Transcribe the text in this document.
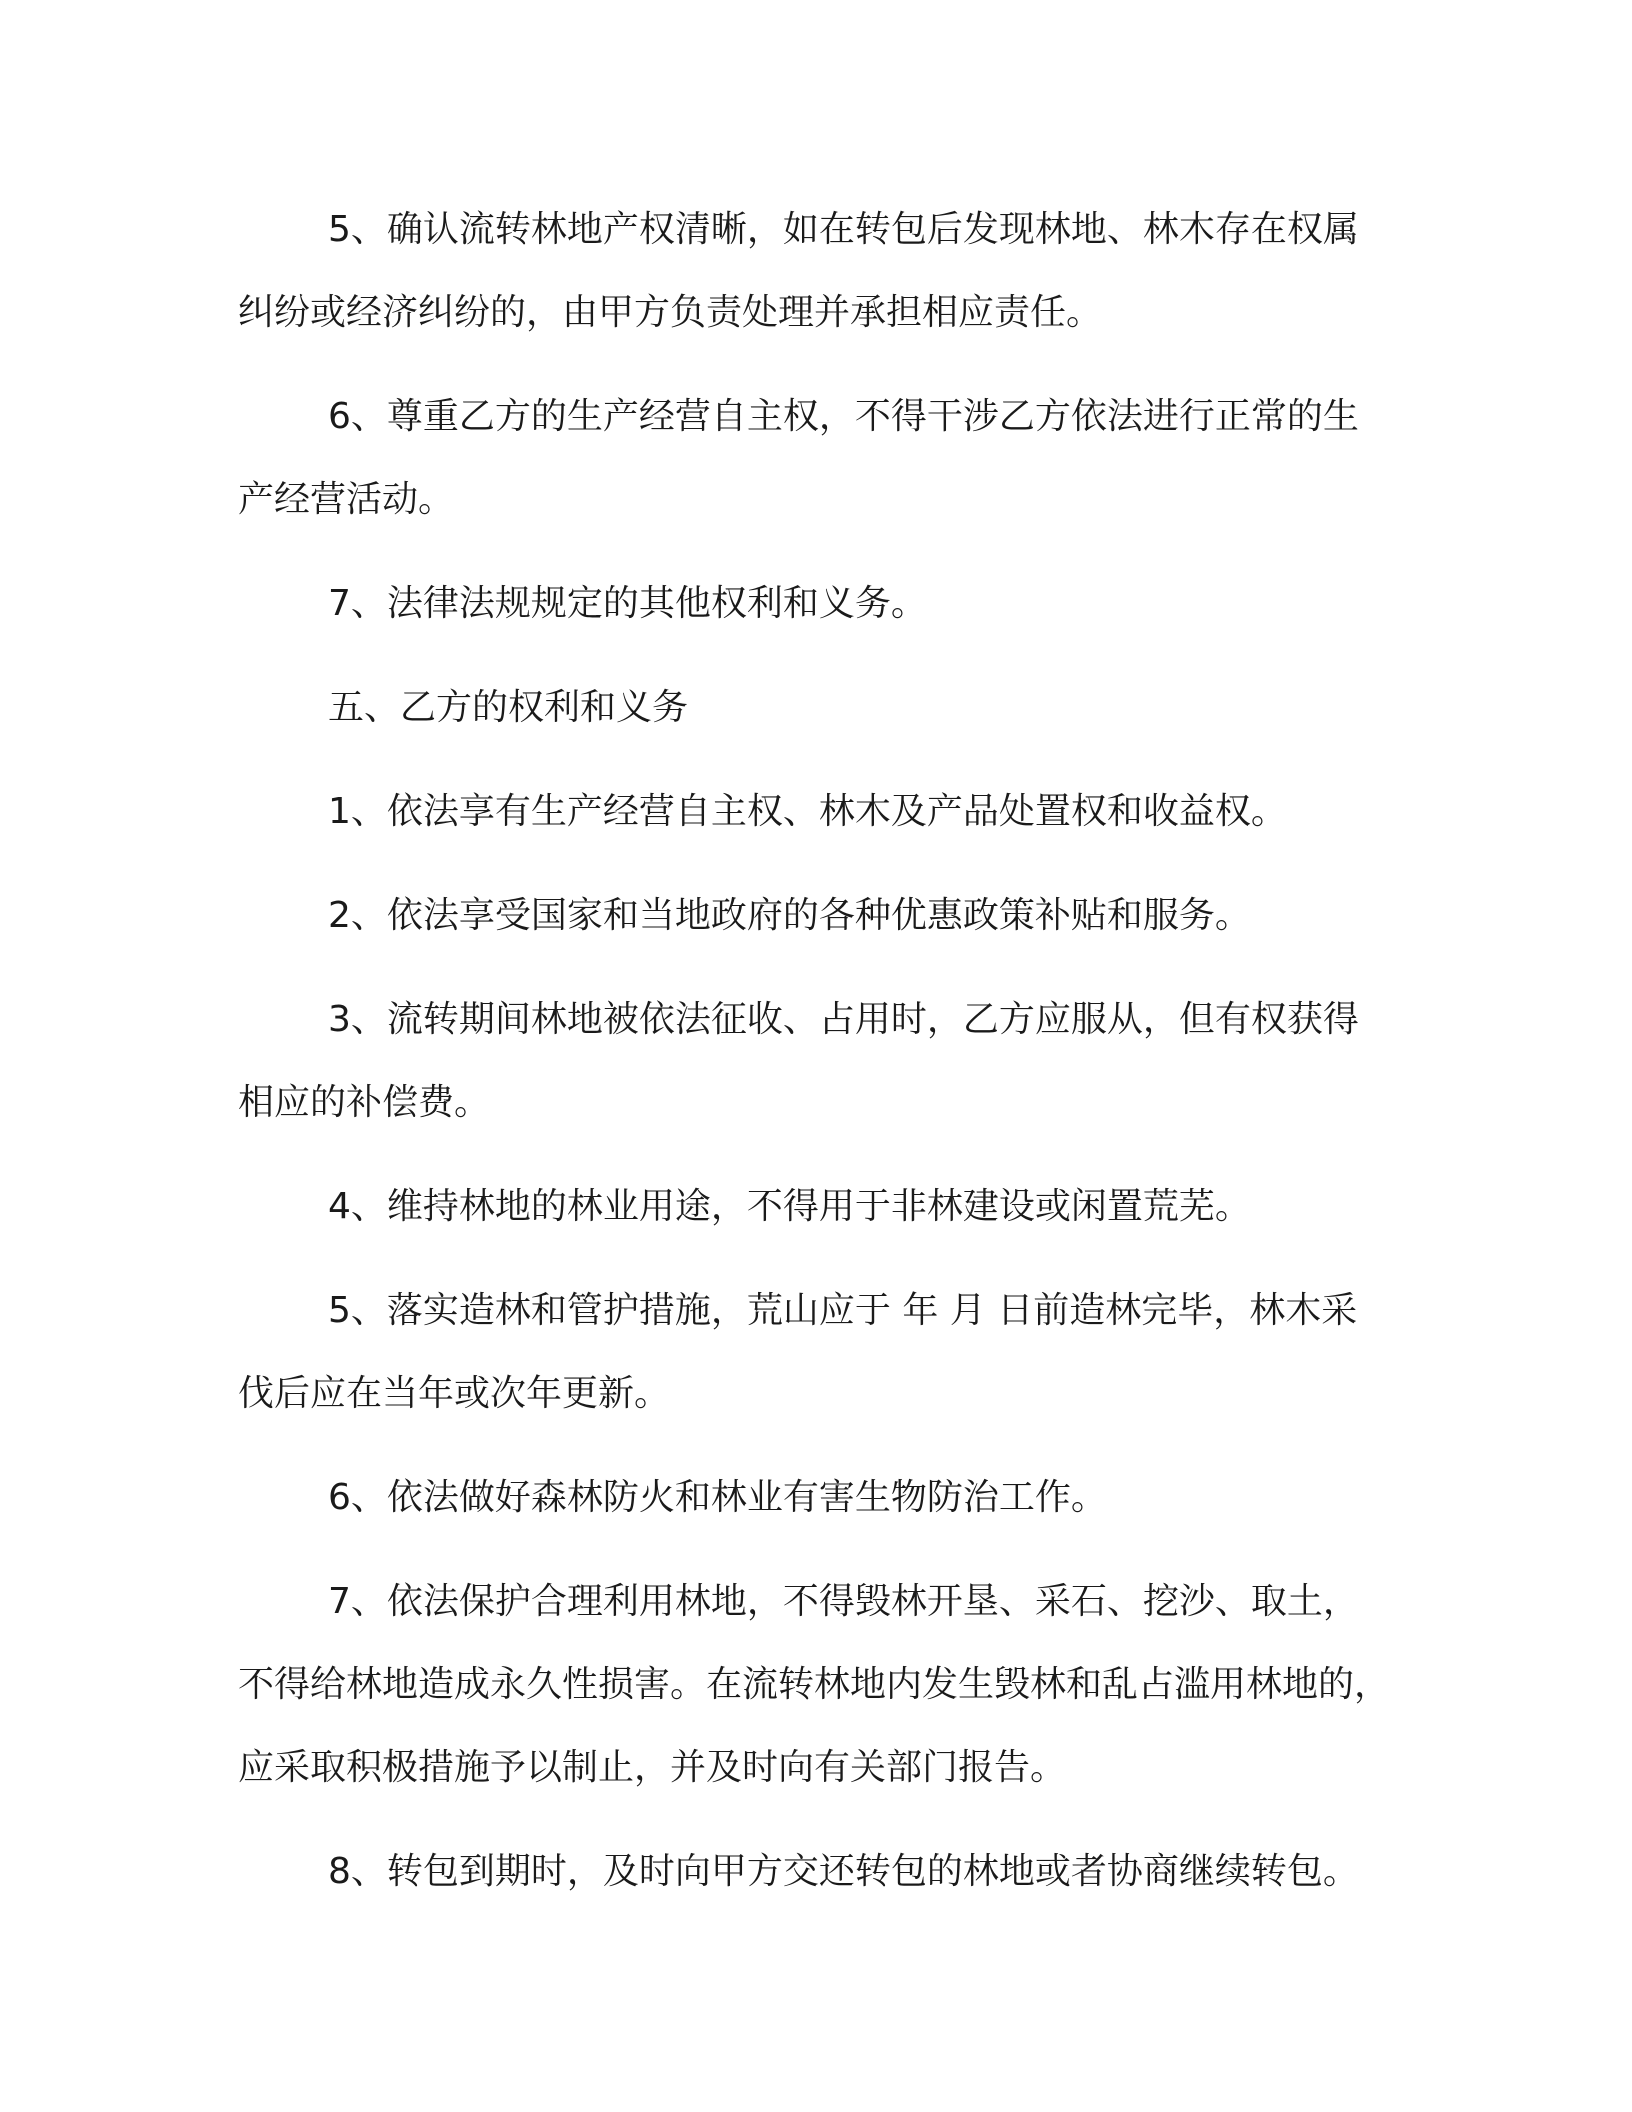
5、确认流转林地产权清晰，如在转包后发现林地、林木存在权属纠纷或经济纠纷的，由甲方负责处理并承担相应责任。

6、尊重乙方的生产经营自主权，不得干涉乙方依法进行正常的生产经营活动。

7、法律法规规定的其他权利和义务。

五、乙方的权利和义务

1、依法享有生产经营自主权、林木及产品处置权和收益权。

2、依法享受国家和当地政府的各种优惠政策补贴和服务。

3、流转期间林地被依法征收、占用时，乙方应服从，但有权获得相应的补偿费。

4、维持林地的林业用途，不得用于非林建设或闲置荒芜。

5、落实造林和管护措施，荒山应于 年 月 日前造林完毕，林木采伐后应在当年或次年更新。

6、依法做好森林防火和林业有害生物防治工作。

7、依法保护合理利用林地，不得毁林开垦、采石、挖沙、取土，不得给林地造成永久性损害。在流转林地内发生毁林和乱占滥用林地的，应采取积极措施予以制止，并及时向有关部门报告。

8、转包到期时，及时向甲方交还转包的林地或者协商继续转包。
